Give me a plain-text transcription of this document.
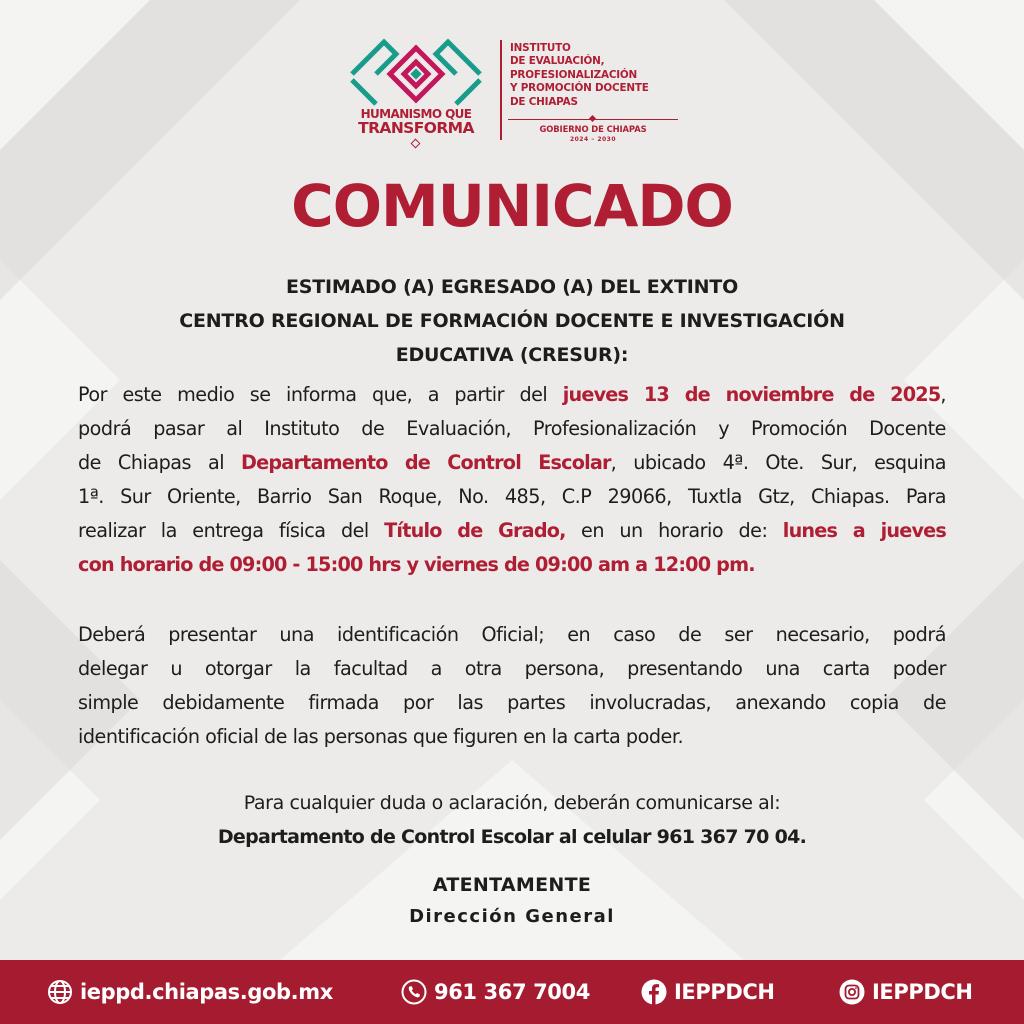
HUMANISMO QUE
TRANSFORMA
INSTITUTO
DE EVALUACIÓN,
PROFESIONALIZACIÓN
Y PROMOCIÓN DOCENTE
DE CHIAPAS
GOBIERNO DE CHIAPAS
2024 – 2030
COMUNICADO
ESTIMADO (A) EGRESADO (A) DEL EXTINTO
CENTRO REGIONAL DE FORMACIÓN DOCENTE E INVESTIGACIÓN
EDUCATIVA (CRESUR):
Por este medio se informa que, a partir del jueves 13 de noviembre de 2025,
podrá pasar al Instituto de Evaluación, Profesionalización y Promoción Docente
de Chiapas al Departamento de Control Escolar, ubicado 4ª. Ote. Sur, esquina
1ª. Sur Oriente, Barrio San Roque, No. 485, C.P 29066, Tuxtla Gtz, Chiapas. Para
realizar la entrega física del Título de Grado, en un horario de: lunes a jueves
con horario de 09:00 - 15:00 hrs y viernes de 09:00 am a 12:00 pm.
Deberá presentar una identificación Oficial; en caso de ser necesario, podrá
delegar u otorgar la facultad a otra persona, presentando una carta poder
simple debidamente firmada por las partes involucradas, anexando copia de
identificación oficial de las personas que figuren en la carta poder.
Para cualquier duda o aclaración, deberán comunicarse al:
Departamento de Control Escolar al celular 961 367 70 04.
ATENTAMENTE
Dirección General
ieppd.chiapas.gob.mx	961 367 7004	IEPPDCH	IEPPDCH
